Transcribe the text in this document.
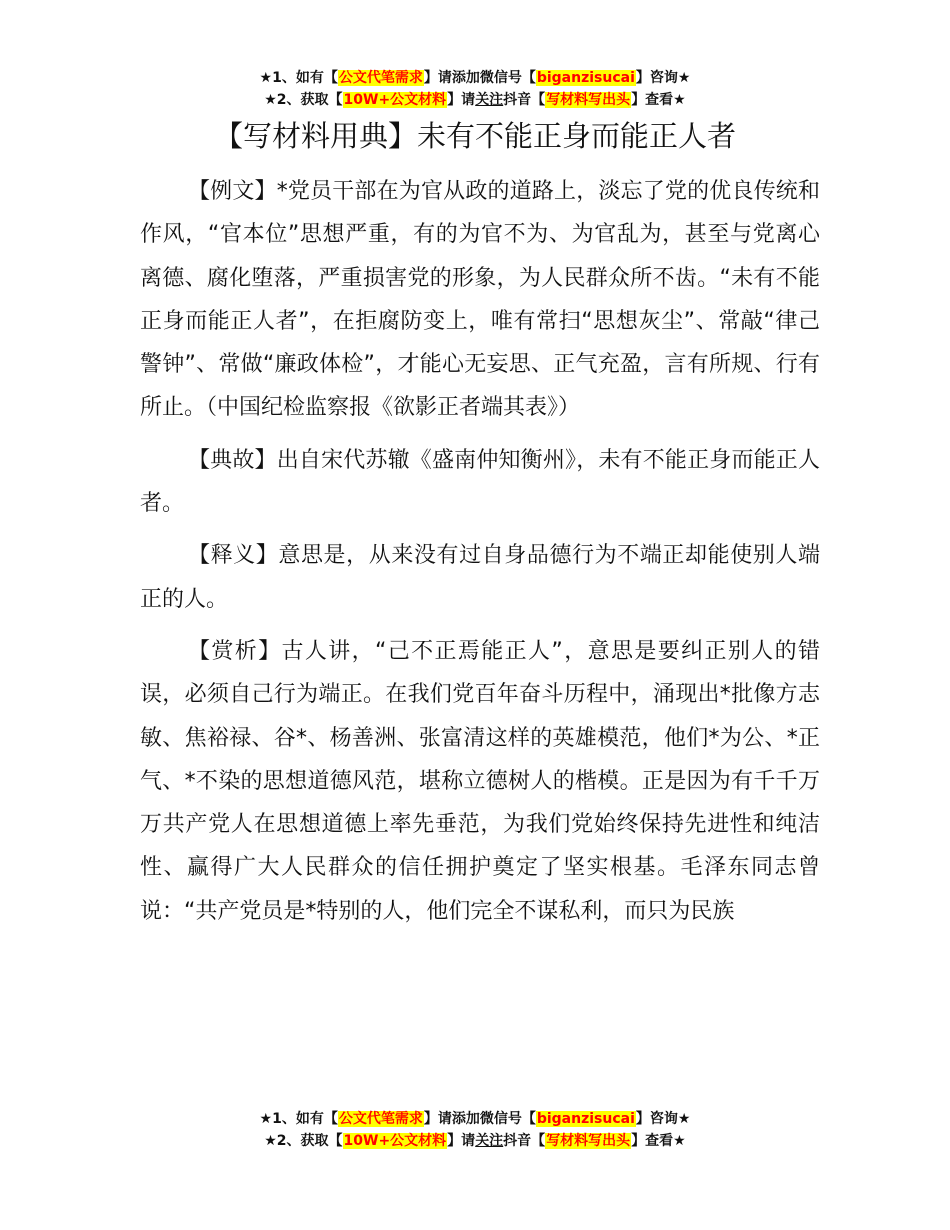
★1、如有【公文代笔需求】请添加微信号【biganzisucai】咨询★
★2、获取【10W+公文材料】请关注抖音【写材料写出头】查看★
【写材料用典】未有不能正身而能正人者

【例文】*党员干部在为官从政的道路上，淡忘了党的优良传统和作风，“官本位”思想严重，有的为官不为、为官乱为，甚至与党离心离德、腐化堕落，严重损害党的形象，为人民群众所不齿。“未有不能正身而能正人者”，在拒腐防变上，唯有常扫“思想灰尘”、常敲“律己警钟”、常做“廉政体检”，才能心无妄思、正气充盈，言有所规、行有所止。（中国纪检监察报《欲影正者端其表》）

【典故】出自宋代苏辙《盛南仲知衡州》，未有不能正身而能正人者。

【释义】意思是，从来没有过自身品德行为不端正却能使别人端正的人。

【赏析】古人讲，“己不正焉能正人”，意思是要纠正别人的错误，必须自己行为端正。在我们党百年奋斗历程中，涌现出*批像方志敏、焦裕禄、谷*、杨善洲、张富清这样的英雄模范，他们*为公、*正气、*不染的思想道德风范，堪称立德树人的楷模。正是因为有千千万万共产党人在思想道德上率先垂范，为我们党始终保持先进性和纯洁性、赢得广大人民群众的信任拥护奠定了坚实根基。毛泽东同志曾说：“共产党员是*特别的人，他们完全不谋私利，而只为民族

★1、如有【公文代笔需求】请添加微信号【biganzisucai】咨询★
★2、获取【10W+公文材料】请关注抖音【写材料写出头】查看★
